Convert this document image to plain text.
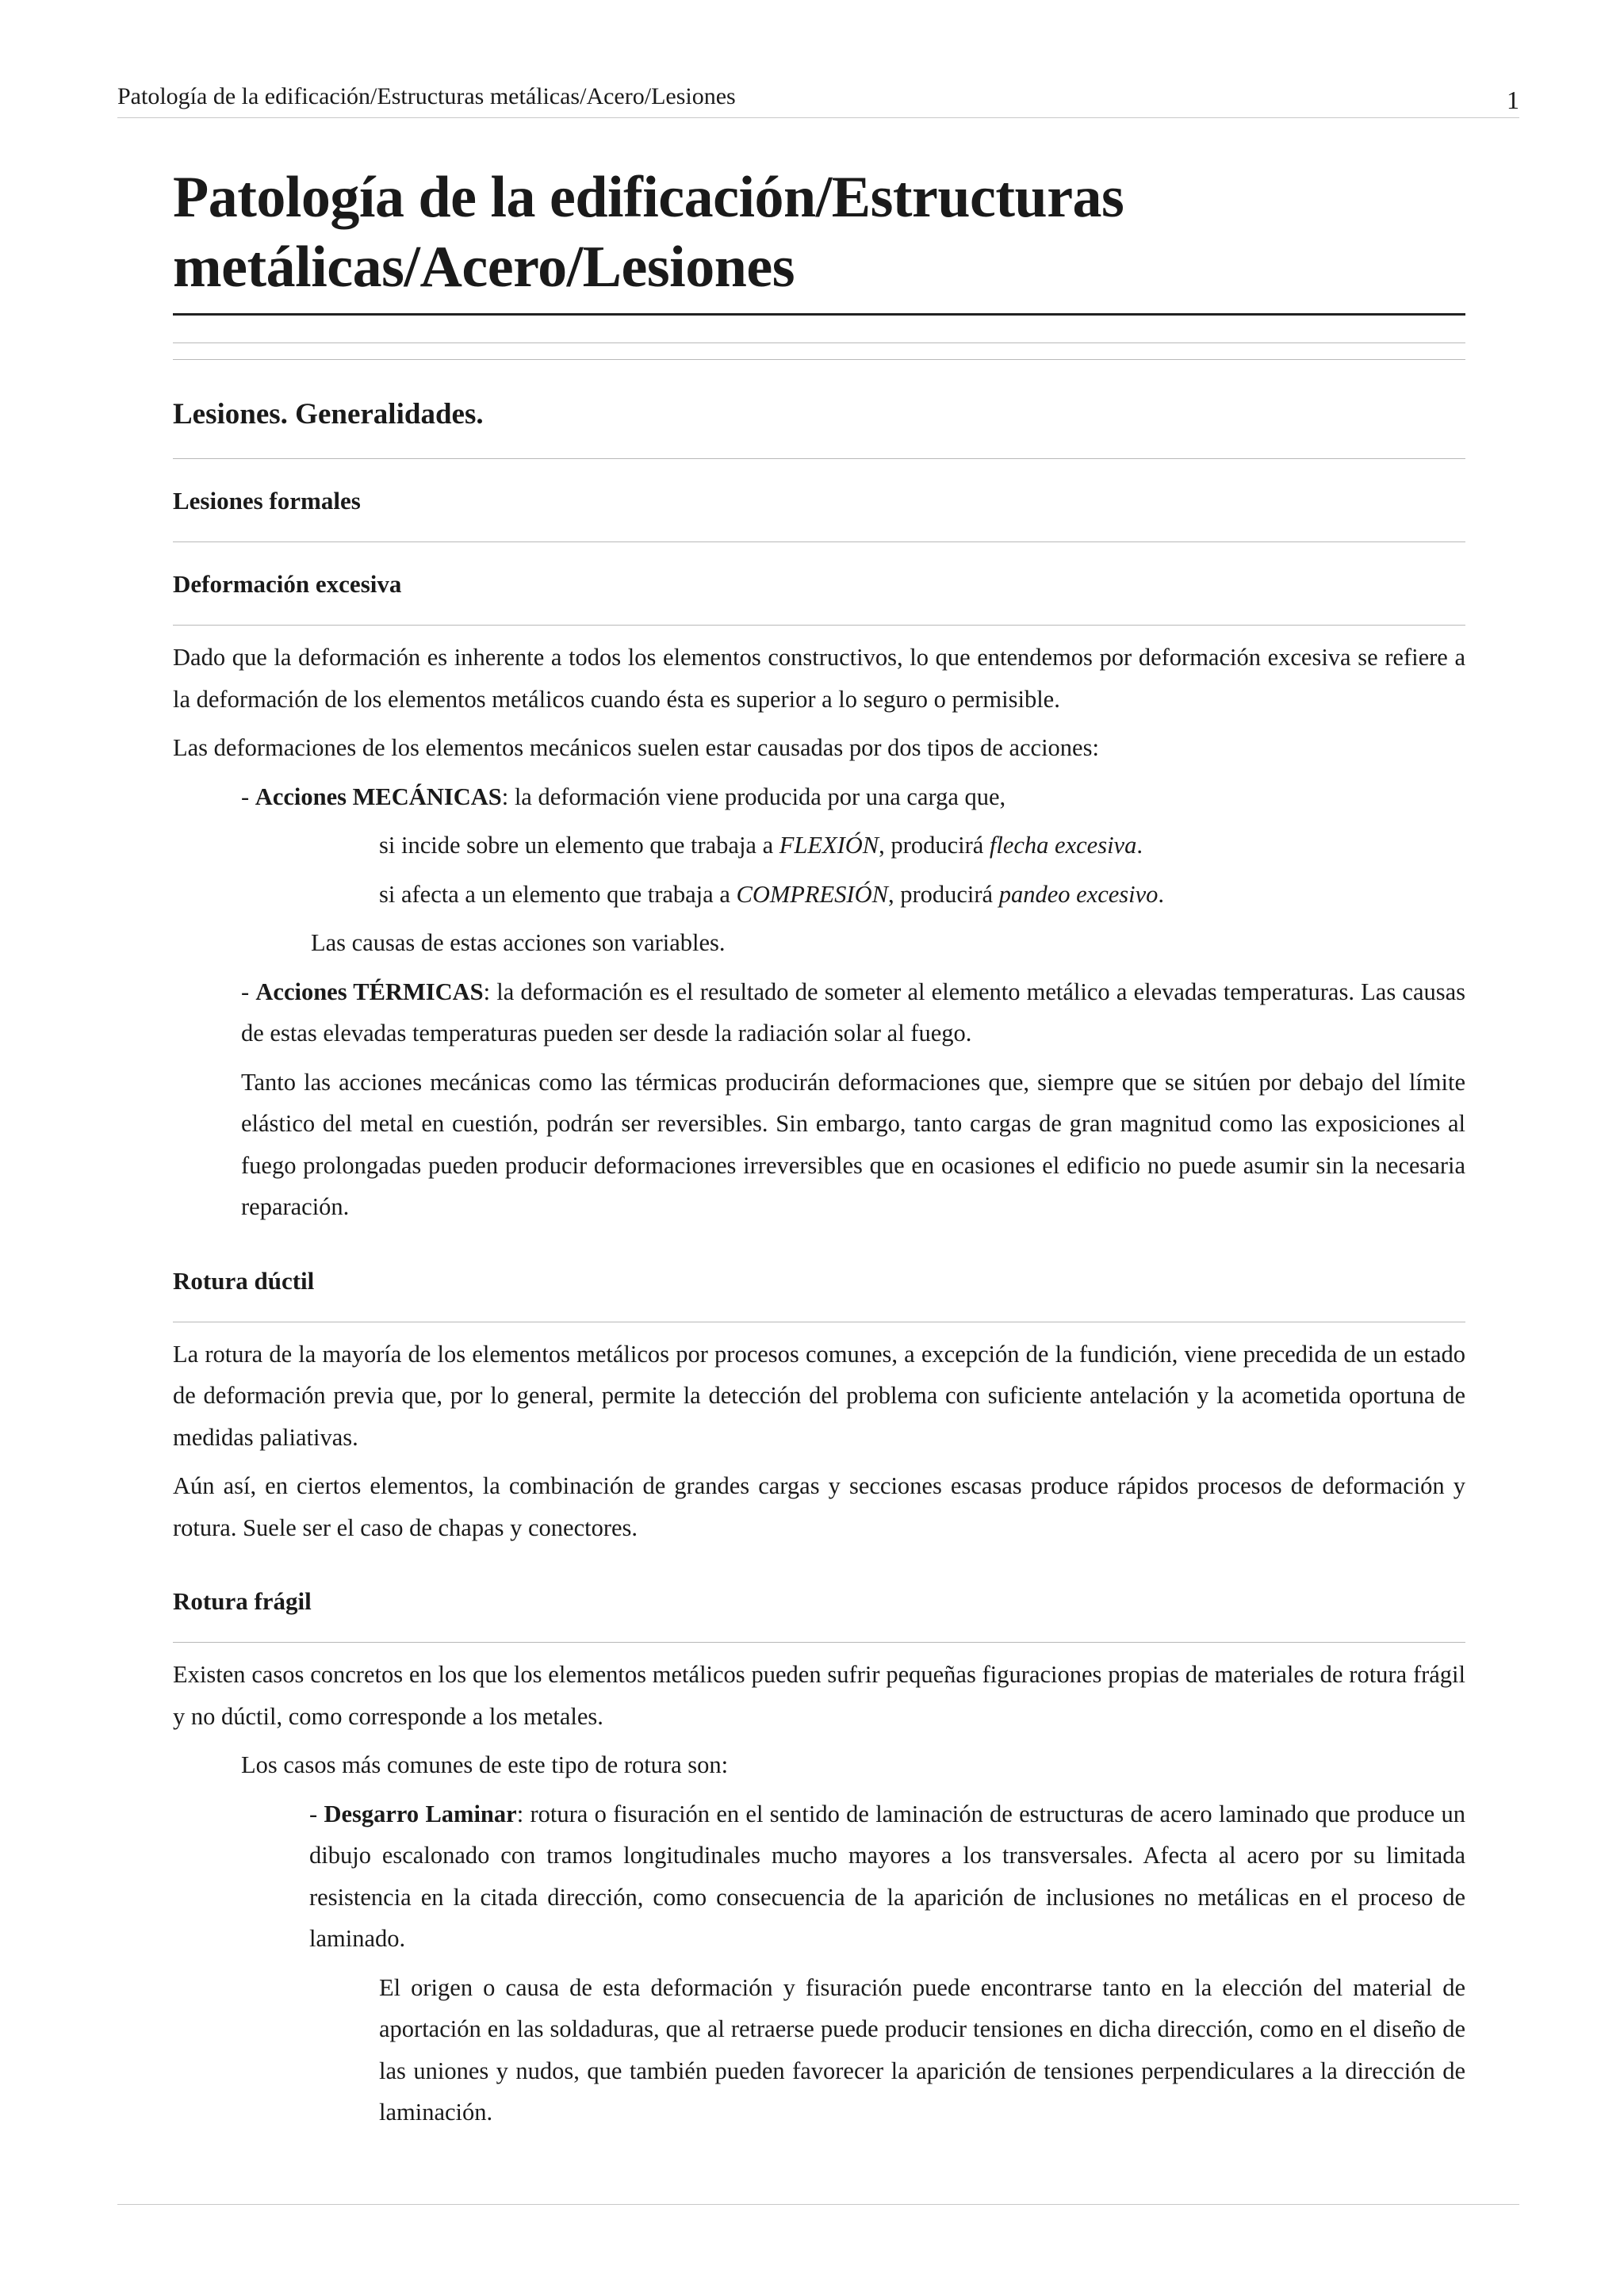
Patología de la edificación/Estructuras metálicas/Acero/Lesiones	1
Patología de la edificación/Estructuras
metálicas/Acero/Lesiones
Lesiones. Generalidades.
Lesiones formales
Deformación excesiva

Dado que la deformación es inherente a todos los elementos constructivos, lo que entendemos por deformación excesiva se refiere a la deformación de los elementos metálicos cuando ésta es superior a lo seguro o permisible.

Las deformaciones de los elementos mecánicos suelen estar causadas por dos tipos de acciones:

- Acciones MECÁNICAS: la deformación viene producida por una carga que,

si incide sobre un elemento que trabaja a FLEXIÓN, producirá flecha excesiva.

si afecta a un elemento que trabaja a COMPRESIÓN, producirá pandeo excesivo.

Las causas de estas acciones son variables.

- Acciones TÉRMICAS: la deformación es el resultado de someter al elemento metálico a elevadas temperaturas. Las causas de estas elevadas temperaturas pueden ser desde la radiación solar al fuego.

Tanto las acciones mecánicas como las térmicas producirán deformaciones que, siempre que se sitúen por debajo del límite elástico del metal en cuestión, podrán ser reversibles. Sin embargo, tanto cargas de gran magnitud como las exposiciones al fuego prolongadas pueden producir deformaciones irreversibles que en ocasiones el edificio no puede asumir sin la necesaria reparación.

Rotura dúctil

La rotura de la mayoría de los elementos metálicos por procesos comunes, a excepción de la fundición, viene precedida de un estado de deformación previa que, por lo general, permite la detección del problema con suficiente antelación y la acometida oportuna de medidas paliativas.

Aún así, en ciertos elementos, la combinación de grandes cargas y secciones escasas produce rápidos procesos de deformación y rotura. Suele ser el caso de chapas y conectores.

Rotura frágil

Existen casos concretos en los que los elementos metálicos pueden sufrir pequeñas figuraciones propias de materiales de rotura frágil y no dúctil, como corresponde a los metales.

Los casos más comunes de este tipo de rotura son:

- Desgarro Laminar: rotura o fisuración en el sentido de laminación de estructuras de acero laminado que produce un dibujo escalonado con tramos longitudinales mucho mayores a los transversales. Afecta al acero por su limitada resistencia en la citada dirección, como consecuencia de la aparición de inclusiones no metálicas en el proceso de laminado.

El origen o causa de esta deformación y fisuración puede encontrarse tanto en la elección del material de aportación en las soldaduras, que al retraerse puede producir tensiones en dicha dirección, como en el diseño de las uniones y nudos, que también pueden favorecer la aparición de tensiones perpendiculares a la dirección de laminación.
